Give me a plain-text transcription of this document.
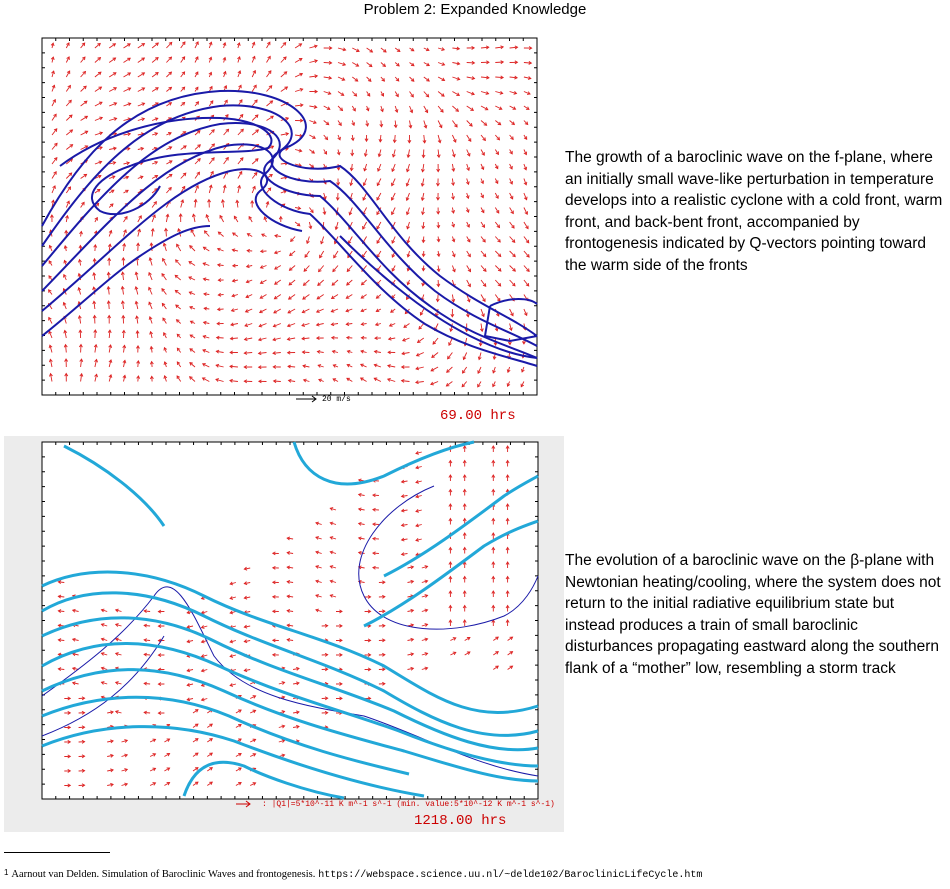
Problem 2: Expanded Knowledge
20 m/s
69.00 hrs
The growth of a baroclinic wave on the f-plane, where an initially small wave-like perturbation in temperature develops into a realistic cyclone with a cold front, warm front, and back-bent front, accompanied by frontogenesis indicated by Q-vectors pointing toward the warm side of the fronts
: |Q1|=5*10^-11 K m^-1 s^-1 (min. value:5*10^-12 K m^-1 s^-1)
1218.00 hrs
The evolution of a baroclinic wave on the β-plane with Newtonian heating/cooling, where the system does not return to the initial radiative equilibrium state but instead produces a train of small baroclinic disturbances propagating eastward along the southern flank of a “mother” low, resembling a storm track
$^1$ Aarnout van Delden. Simulation of Baroclinic Waves and frontogenesis. https://webspace.science.uu.nl/~delde102/BaroclinicLifeCycle.htm
